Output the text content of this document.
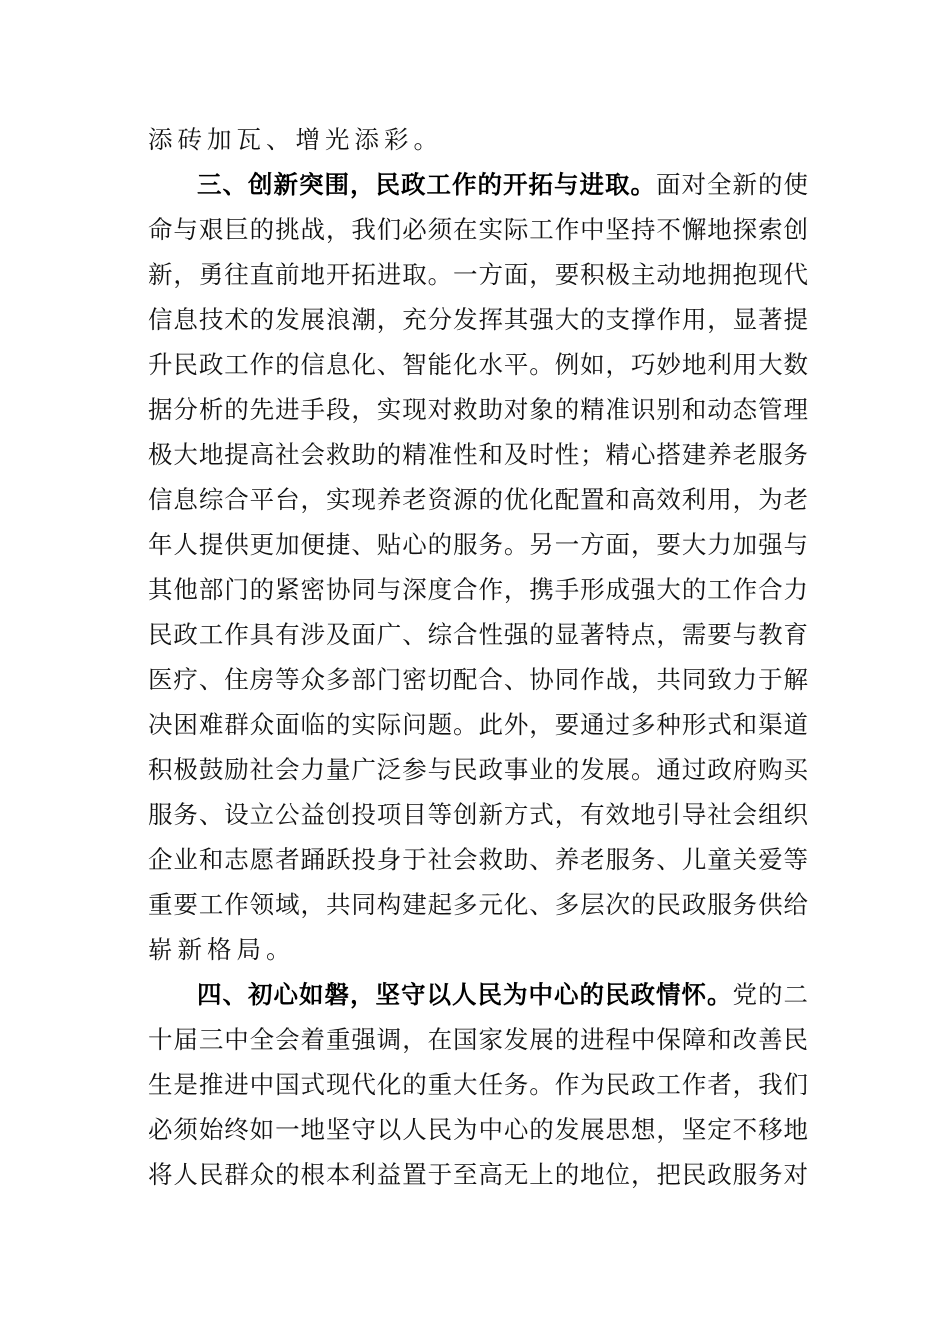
添砖加瓦、增光添彩。
三、创新突围，民政工作的开拓与进取。面对全新的使
命与艰巨的挑战，我们必须在实际工作中坚持不懈地探索创
新，勇往直前地开拓进取。一方面，要积极主动地拥抱现代
信息技术的发展浪潮，充分发挥其强大的支撑作用，显著提
升民政工作的信息化、智能化水平。例如，巧妙地利用大数
据分析的先进手段，实现对救助对象的精准识别和动态管理
极大地提高社会救助的精准性和及时性；精心搭建养老服务
信息综合平台，实现养老资源的优化配置和高效利用，为老
年人提供更加便捷、贴心的服务。另一方面，要大力加强与
其他部门的紧密协同与深度合作，携手形成强大的工作合力
民政工作具有涉及面广、综合性强的显著特点，需要与教育
医疗、住房等众多部门密切配合、协同作战，共同致力于解
决困难群众面临的实际问题。此外，要通过多种形式和渠道
积极鼓励社会力量广泛参与民政事业的发展。通过政府购买
服务、设立公益创投项目等创新方式，有效地引导社会组织
企业和志愿者踊跃投身于社会救助、养老服务、儿童关爱等
重要工作领域，共同构建起多元化、多层次的民政服务供给
崭新格局。
四、初心如磐，坚守以人民为中心的民政情怀。党的二
十届三中全会着重强调，在国家发展的进程中保障和改善民
生是推进中国式现代化的重大任务。作为民政工作者，我们
必须始终如一地坚守以人民为中心的发展思想，坚定不移地
将人民群众的根本利益置于至高无上的地位，把民政服务对
